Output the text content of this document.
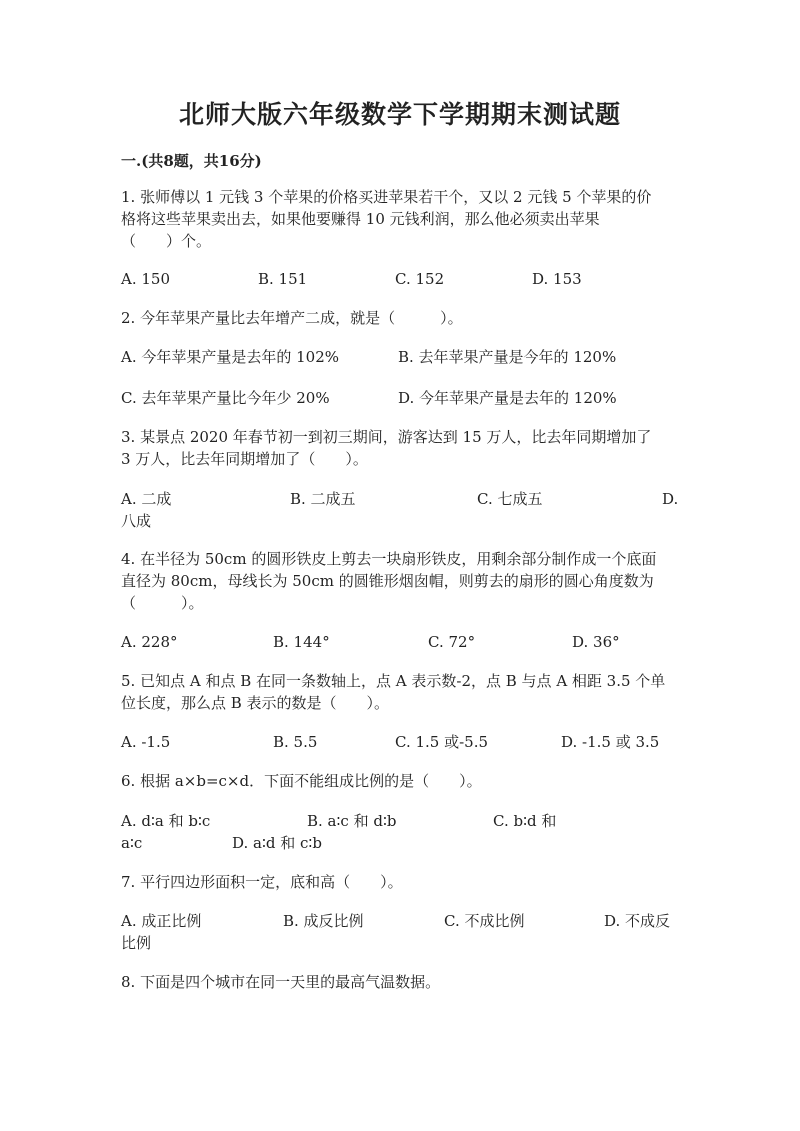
北师大版六年级数学下学期期末测试题
一.(共8题，共16分)
1. 张师傅以 1 元钱 3 个苹果的价格买进苹果若干个，又以 2 元钱 5 个苹果的价
格将这些苹果卖出去，如果他要赚得 10 元钱利润，那么他必须卖出苹果
（　　）个。
A. 150	B. 151	C. 152	D. 153
2. 今年苹果产量比去年增产二成，就是（　　　）。
A. 今年苹果产量是去年的 102%	B. 去年苹果产量是今年的 120%
C. 去年苹果产量比今年少 20%	D. 今年苹果产量是去年的 120%
3. 某景点 2020 年春节初一到初三期间，游客达到 15 万人，比去年同期增加了
3 万人，比去年同期增加了（　　）。
A. 二成	B. 二成五	C. 七成五	D.
八成
4. 在半径为 50cm 的圆形铁皮上剪去一块扇形铁皮，用剩余部分制作成一个底面
直径为 80cm，母线长为 50cm 的圆锥形烟囱帽，则剪去的扇形的圆心角度数为
（　　　）。
A. 228°	B. 144°	C. 72°	D. 36°
5. 已知点 A 和点 B 在同一条数轴上，点 A 表示数-2，点 B 与点 A 相距 3.5 个单
位长度，那么点 B 表示的数是（　　）。
A. -1.5	B. 5.5	C. 1.5 或-5.5	D. -1.5 或 3.5
6. 根据 a×b=c×d．下面不能组成比例的是（　　）。
A. d∶a 和 b∶c	B. a∶c 和 d∶b	C. b∶d 和
a∶c	D. a∶d 和 c∶b
7. 平行四边形面积一定，底和高（　　）。
A. 成正比例	B. 成反比例	C. 不成比例	D. 不成反
比例
8. 下面是四个城市在同一天里的最高气温数据。
